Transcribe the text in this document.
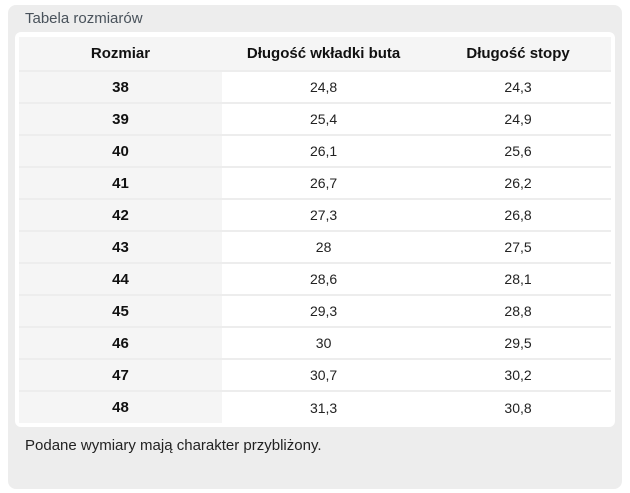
Tabela rozmiarów
Rozmiar	Długość wkładki buta	Długość stopy
38	24,8	24,3
39	25,4	24,9
40	26,1	25,6
41	26,7	26,2
42	27,3	26,8
43	28	27,5
44	28,6	28,1
45	29,3	28,8
46	30	29,5
47	30,7	30,2
48	31,3	30,8
Podane wymiary mają charakter przybliżony.
